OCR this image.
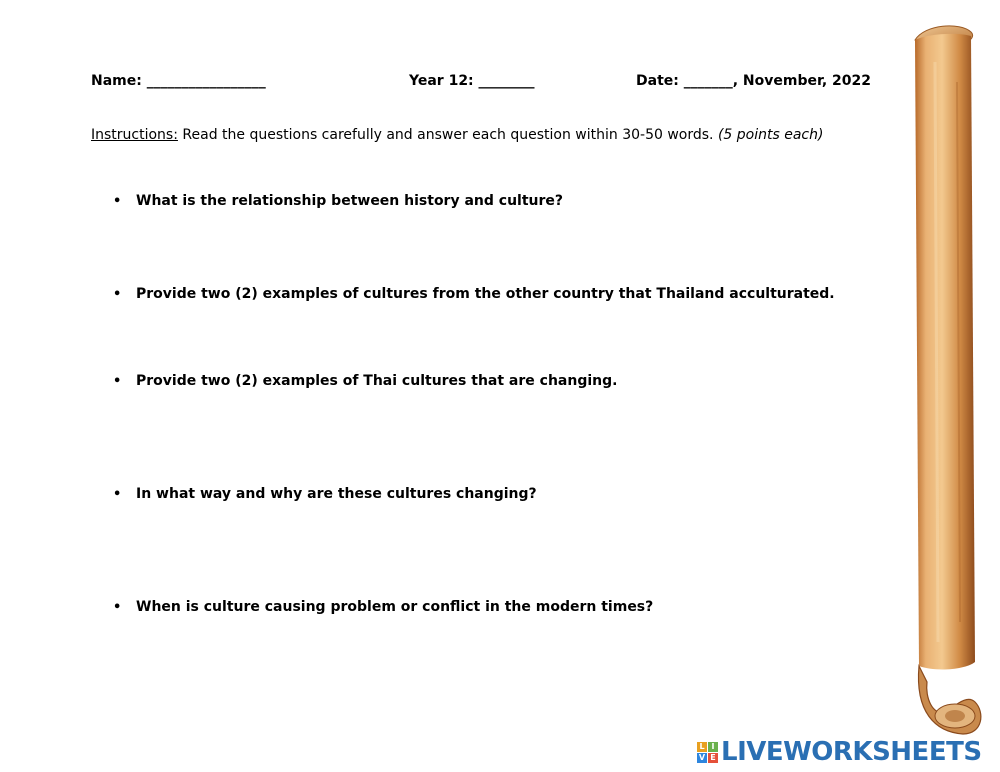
Name: _________________	Year 12: ________	Date: _______, November, 2022
Instructions: Read the questions carefully and answer each question within 30-50 words. (5 points each)
• What is the relationship between history and culture?
• Provide two (2) examples of cultures from the other country that Thailand acculturated.
• Provide two (2) examples of Thai cultures that are changing.
• In what way and why are these cultures changing?
• When is culture causing problem or conflict in the modern times?
L I
V E LIVEWORKSHEETS
